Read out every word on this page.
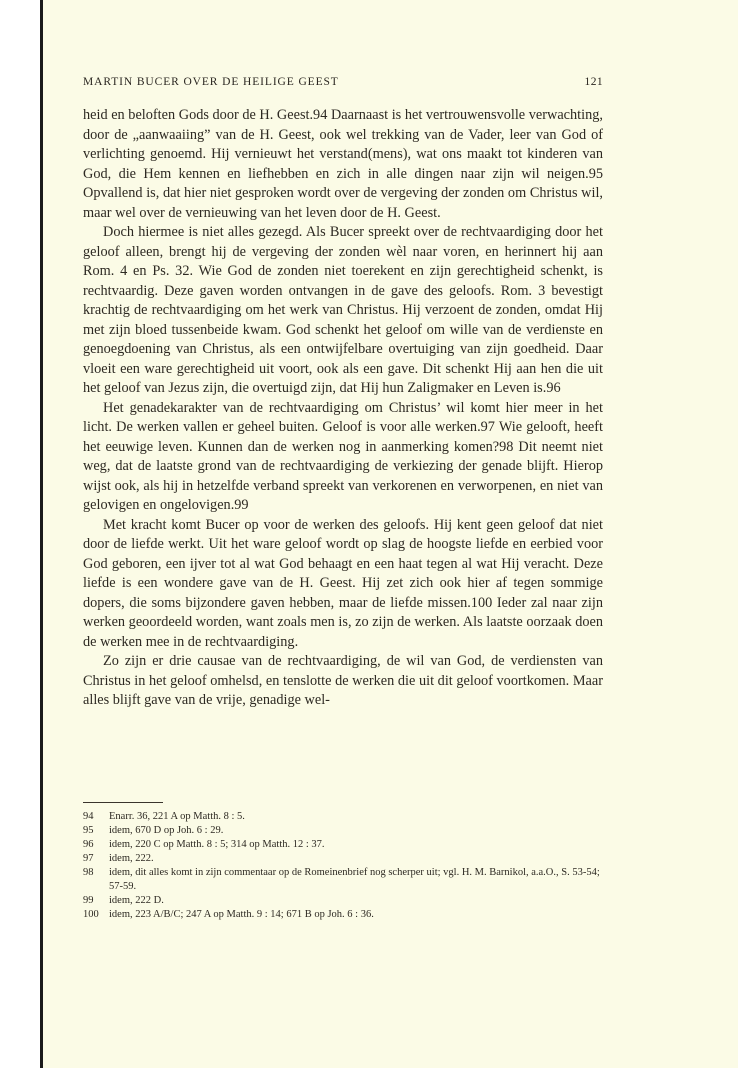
MARTIN BUCER OVER DE HEILIGE GEEST	121

heid en beloften Gods door de H. Geest.94 Daarnaast is het vertrouwensvolle verwachting, door de „aanwaaiing” van de H. Geest, ook wel trekking van de Vader, leer van God of verlichting genoemd. Hij vernieuwt het verstand(mens), wat ons maakt tot kinderen van God, die Hem kennen en liefhebben en zich in alle dingen naar zijn wil neigen.95 Opvallend is, dat hier niet gesproken wordt over de vergeving der zonden om Christus wil, maar wel over de vernieuwing van het leven door de H. Geest.

Doch hiermee is niet alles gezegd. Als Bucer spreekt over de rechtvaardiging door het geloof alleen, brengt hij de vergeving der zonden wèl naar voren, en herinnert hij aan Rom. 4 en Ps. 32. Wie God de zonden niet toerekent en zijn gerechtigheid schenkt, is rechtvaardig. Deze gaven worden ontvangen in de gave des geloofs. Rom. 3 bevestigt krachtig de rechtvaardiging om het werk van Christus. Hij verzoent de zonden, omdat Hij met zijn bloed tussenbeide kwam. God schenkt het geloof om wille van de verdienste en genoegdoening van Christus, als een ontwijfelbare overtuiging van zijn goedheid. Daar vloeit een ware gerechtigheid uit voort, ook als een gave. Dit schenkt Hij aan hen die uit het geloof van Jezus zijn, die overtuigd zijn, dat Hij hun Zaligmaker en Leven is.96

Het genadekarakter van de rechtvaardiging om Christus’ wil komt hier meer in het licht. De werken vallen er geheel buiten. Geloof is voor alle werken.97 Wie gelooft, heeft het eeuwige leven. Kunnen dan de werken nog in aanmerking komen?98 Dit neemt niet weg, dat de laatste grond van de rechtvaardiging de verkiezing der genade blijft. Hierop wijst ook, als hij in hetzelfde verband spreekt van verkorenen en verworpenen, en niet van gelovigen en ongelovigen.99

Met kracht komt Bucer op voor de werken des geloofs. Hij kent geen geloof dat niet door de liefde werkt. Uit het ware geloof wordt op slag de hoogste liefde en eerbied voor God geboren, een ijver tot al wat God behaagt en een haat tegen al wat Hij veracht. Deze liefde is een wondere gave van de H. Geest. Hij zet zich ook hier af tegen sommige dopers, die soms bijzondere gaven hebben, maar de liefde missen.100 Ieder zal naar zijn werken geoordeeld worden, want zoals men is, zo zijn de werken. Als laatste oorzaak doen de werken mee in de rechtvaardiging.

Zo zijn er drie causae van de rechtvaardiging, de wil van God, de verdiensten van Christus in het geloof omhelsd, en tenslotte de werken die uit dit geloof voortkomen. Maar alles blijft gave van de vrije, genadige wel-

94	Enarr. 36, 221 A op Matth. 8 : 5.
95	idem, 670 D op Joh. 6 : 29.
96	idem, 220 C op Matth. 8 : 5; 314 op Matth. 12 : 37.
97	idem, 222.
98	idem, dit alles komt in zijn commentaar op de Romeinenbrief nog scherper uit; vgl. H. M. Barnikol, a.a.O., S. 53-54; 57-59.
99	idem, 222 D.
100 idem, 223 A/B/C; 247 A op Matth. 9 : 14; 671 B op Joh. 6 : 36.
